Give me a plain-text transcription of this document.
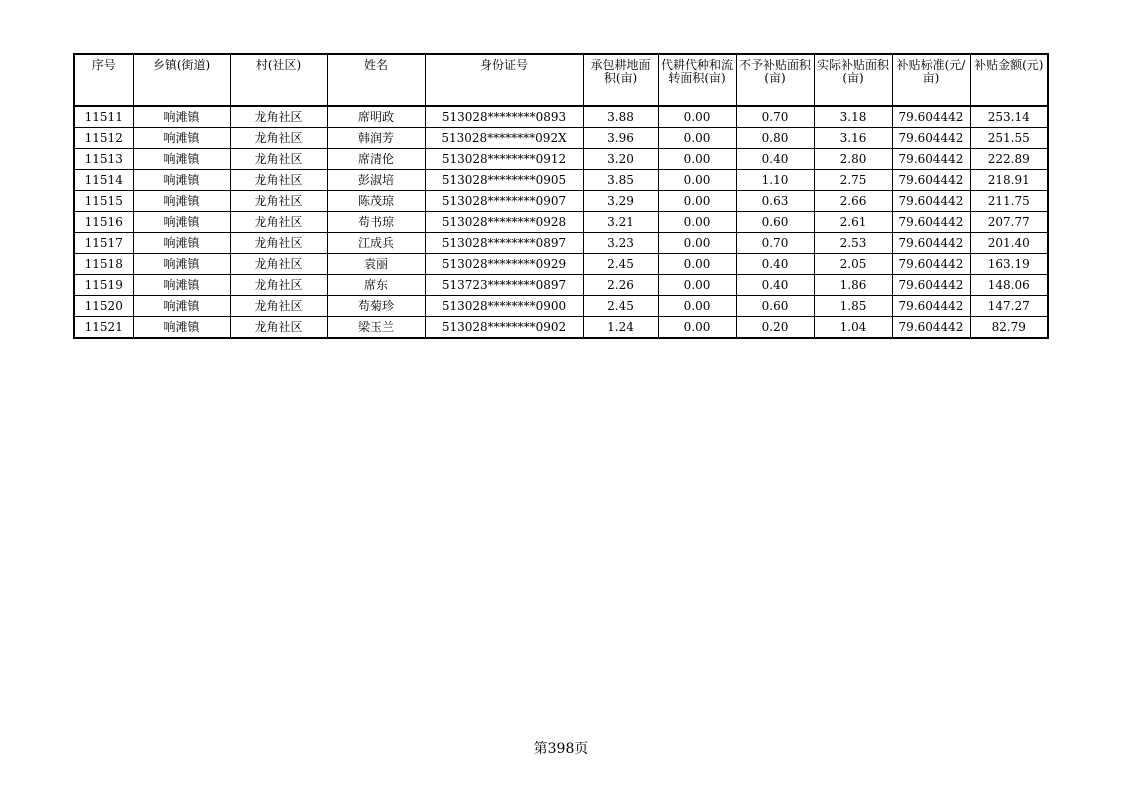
序号	乡镇(街道)	村(社区)	姓名	身份证号	承包耕地面积(亩)	代耕代种和流转面积(亩)	不予补贴面积(亩)	实际补贴面积(亩)	补贴标准(元/亩)	补贴金额(元)
11511	响滩镇	龙角社区	席明政	513028********0893	3.88	0.00	0.70	3.18	79.604442	253.14
11512	响滩镇	龙角社区	韩润芳	513028********092X	3.96	0.00	0.80	3.16	79.604442	251.55
11513	响滩镇	龙角社区	席清伦	513028********0912	3.20	0.00	0.40	2.80	79.604442	222.89
11514	响滩镇	龙角社区	彭淑培	513028********0905	3.85	0.00	1.10	2.75	79.604442	218.91
11515	响滩镇	龙角社区	陈茂琼	513028********0907	3.29	0.00	0.63	2.66	79.604442	211.75
11516	响滩镇	龙角社区	苟书琼	513028********0928	3.21	0.00	0.60	2.61	79.604442	207.77
11517	响滩镇	龙角社区	江成兵	513028********0897	3.23	0.00	0.70	2.53	79.604442	201.40
11518	响滩镇	龙角社区	袁丽	513028********0929	2.45	0.00	0.40	2.05	79.604442	163.19
11519	响滩镇	龙角社区	席东	513723********0897	2.26	0.00	0.40	1.86	79.604442	148.06
11520	响滩镇	龙角社区	苟菊珍	513028********0900	2.45	0.00	0.60	1.85	79.604442	147.27
11521	响滩镇	龙角社区	梁玉兰	513028********0902	1.24	0.00	0.20	1.04	79.604442	82.79
第398页
